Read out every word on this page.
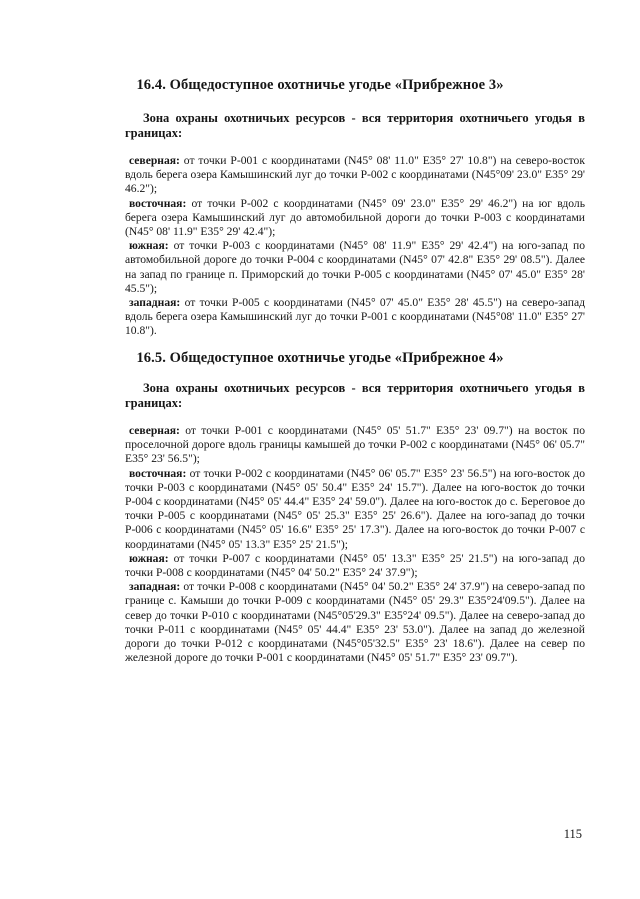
16.4. Общедоступное охотничье угодье «Прибрежное 3»
Зона охраны охотничьих ресурсов - вся территория охотничьего угодья в границах:
северная: от точки Р-001 с координатами (N45° 08' 11.0" E35° 27' 10.8") на северо-восток вдоль берега озера Камышинский луг до точки Р-002 с координатами (N45°09' 23.0" E35° 29' 46.2");
восточная: от точки Р-002 с координатами (N45° 09' 23.0" E35° 29' 46.2") на юг вдоль берега озера Камышинский луг до автомобильной дороги до точки Р-003 с координатами (N45° 08' 11.9" E35° 29' 42.4");
южная: от точки Р-003 с координатами (N45° 08' 11.9" E35° 29' 42.4") на юго-запад по автомобильной дороге до точки Р-004 с координатами (N45° 07' 42.8" E35° 29' 08.5"). Далее на запад по границе п. Приморский до точки Р-005 с координатами (N45° 07' 45.0" E35° 28' 45.5");
западная: от точки Р-005 с координатами (N45° 07' 45.0" E35° 28' 45.5") на северо-запад вдоль берега озера Камышинский луг до точки Р-001 с координатами (N45°08' 11.0" E35° 27' 10.8").
16.5. Общедоступное охотничье угодье «Прибрежное 4»
Зона охраны охотничьих ресурсов - вся территория охотничьего угодья в границах:
северная: от точки Р-001 с координатами (N45° 05' 51.7" E35° 23' 09.7") на восток по проселочной дороге вдоль границы камышей до точки Р-002 с координатами (N45° 06' 05.7" E35° 23' 56.5");
восточная: от точки Р-002 с координатами (N45° 06' 05.7" E35° 23' 56.5") на юго-восток до точки Р-003 с координатами (N45° 05' 50.4" E35° 24' 15.7"). Далее на юго-восток до точки Р-004 с координатами (N45° 05' 44.4" E35° 24' 59.0"). Далее на юго-восток до с. Береговое до точки Р-005 с координатами (N45° 05' 25.3" E35° 25' 26.6"). Далее на юго-запад до точки Р-006 с координатами (N45° 05' 16.6" E35° 25' 17.3"). Далее на юго-восток до точки Р-007 с координатами (N45° 05' 13.3" E35° 25' 21.5");
южная: от точки Р-007 с координатами (N45° 05' 13.3" E35° 25' 21.5") на юго-запад до точки Р-008 с координатами (N45° 04' 50.2" E35° 24' 37.9");
западная: от точки Р-008 с координатами (N45° 04' 50.2" E35° 24' 37.9") на северо-запад по границе с. Камыши до точки Р-009 с координатами (N45° 05' 29.3" E35°24'09.5"). Далее на север до точки Р-010 с координатами (N45°05'29.3" E35°24' 09.5"). Далее на северо-запад до точки Р-011 с координатами (N45° 05' 44.4" E35° 23' 53.0"). Далее на запад до железной дороги до точки Р-012 с координатами (N45°05'32.5" E35° 23' 18.6"). Далее на север по железной дороге до точки Р-001 с координатами (N45° 05' 51.7" E35° 23' 09.7").
115
